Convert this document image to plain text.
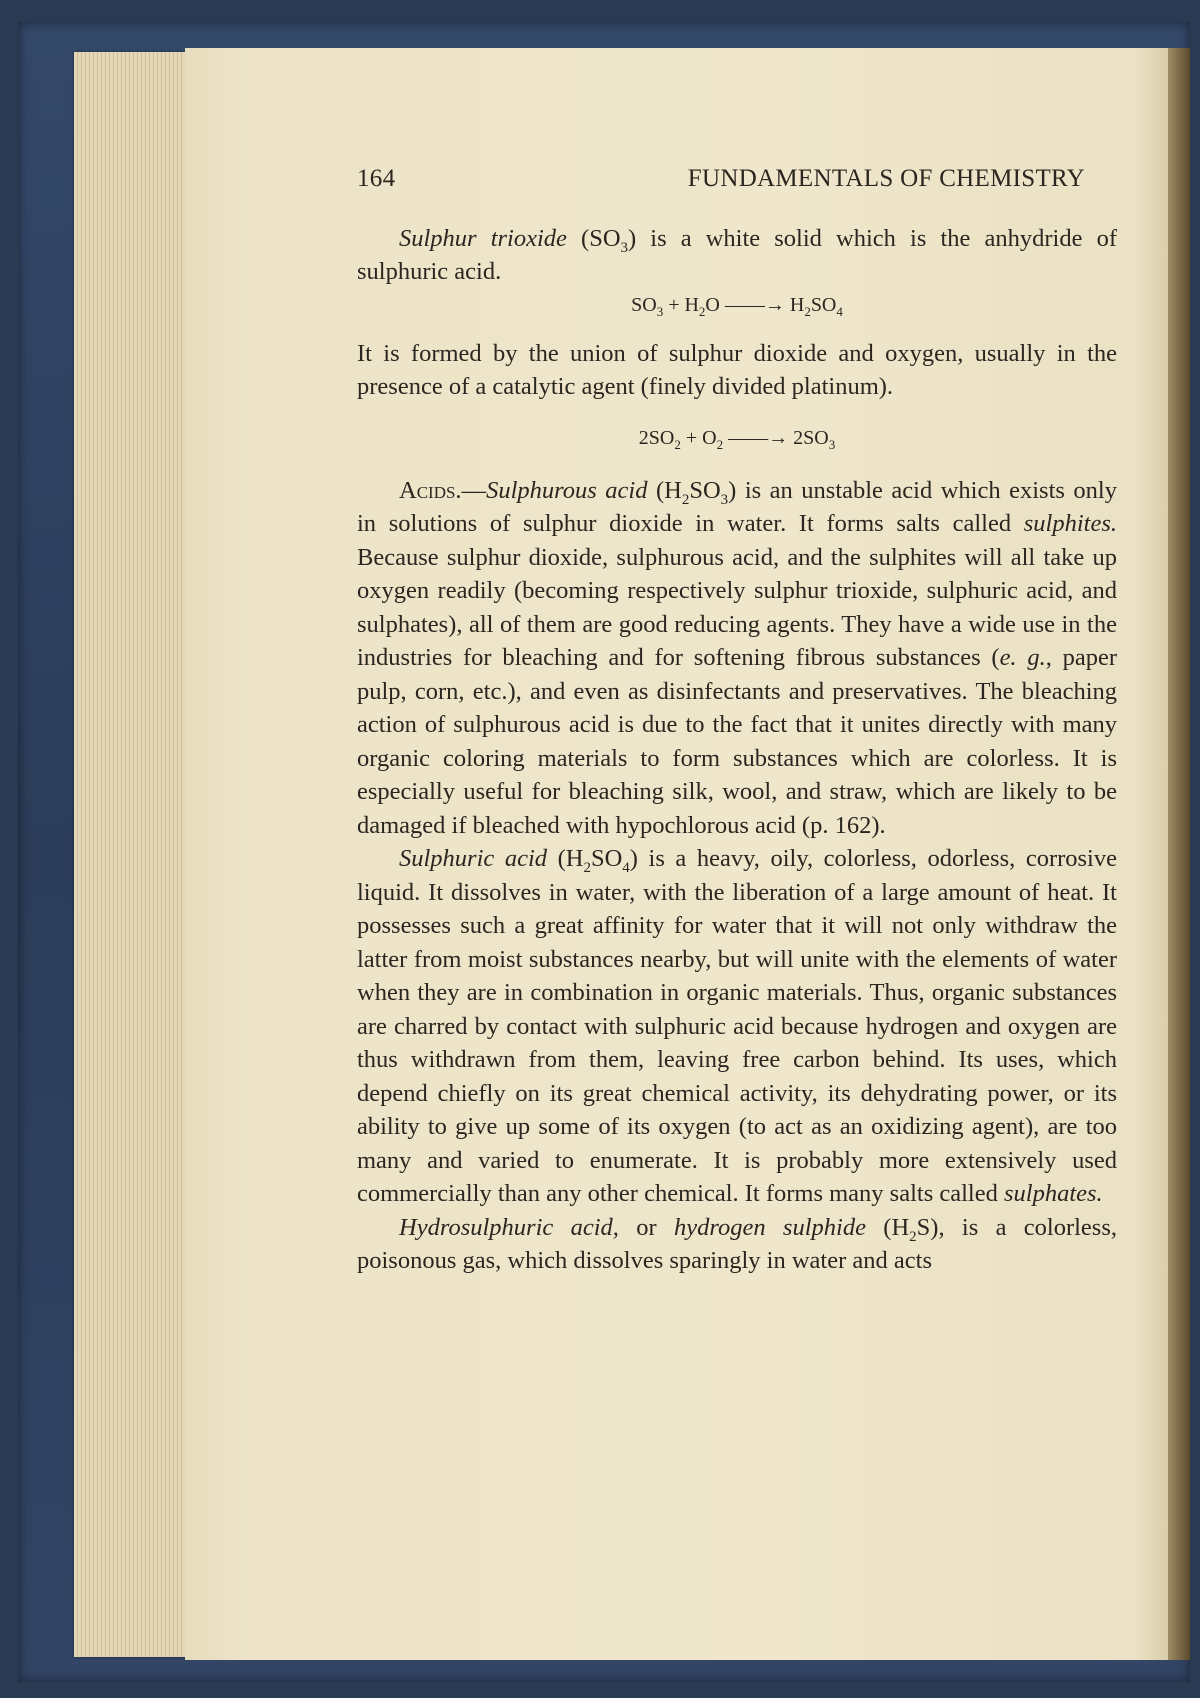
164	FUNDAMENTALS OF CHEMISTRY

Sulphur trioxide $(SO_3)$ is a white solid which is the anhydride of sulphuric acid.

$SO_3 + H_2O$ ——→ $H_2SO_4$

It is formed by the union of sulphur dioxide and oxygen, usually in the presence of a catalytic agent (finely divided platinum).

$2SO_2 + O_2$ ——→ $2SO_3$

Acids.—Sulphurous acid $(H_2SO_3)$ is an unstable acid which exists only in solutions of sulphur dioxide in water. It forms salts called sulphites. Because sulphur dioxide, sulphurous acid, and the sulphites will all take up oxygen readily (becoming respectively sulphur trioxide, sulphuric acid, and sulphates), all of them are good reducing agents. They have a wide use in the industries for bleaching and for softening fibrous substances (e. g., paper pulp, corn, etc.), and even as disinfectants and preservatives. The bleaching action of sulphurous acid is due to the fact that it unites directly with many organic coloring materials to form substances which are colorless. It is especially useful for bleaching silk, wool, and straw, which are likely to be damaged if bleached with hypochlorous acid (p. 162).

Sulphuric acid $(H_2SO_4)$ is a heavy, oily, colorless, odorless, corrosive liquid. It dissolves in water, with the liberation of a large amount of heat. It possesses such a great affinity for water that it will not only withdraw the latter from moist substances nearby, but will unite with the elements of water when they are in combination in organic materials. Thus, organic substances are charred by contact with sulphuric acid because hydrogen and oxygen are thus withdrawn from them, leaving free carbon behind. Its uses, which depend chiefly on its great chemical activity, its dehydrating power, or its ability to give up some of its oxygen (to act as an oxidizing agent), are too many and varied to enumerate. It is probably more extensively used commercially than any other chemical. It forms many salts called sulphates.

Hydrosulphuric acid, or hydrogen sulphide $(H_2S)$, is a colorless, poisonous gas, which dissolves sparingly in water and acts
